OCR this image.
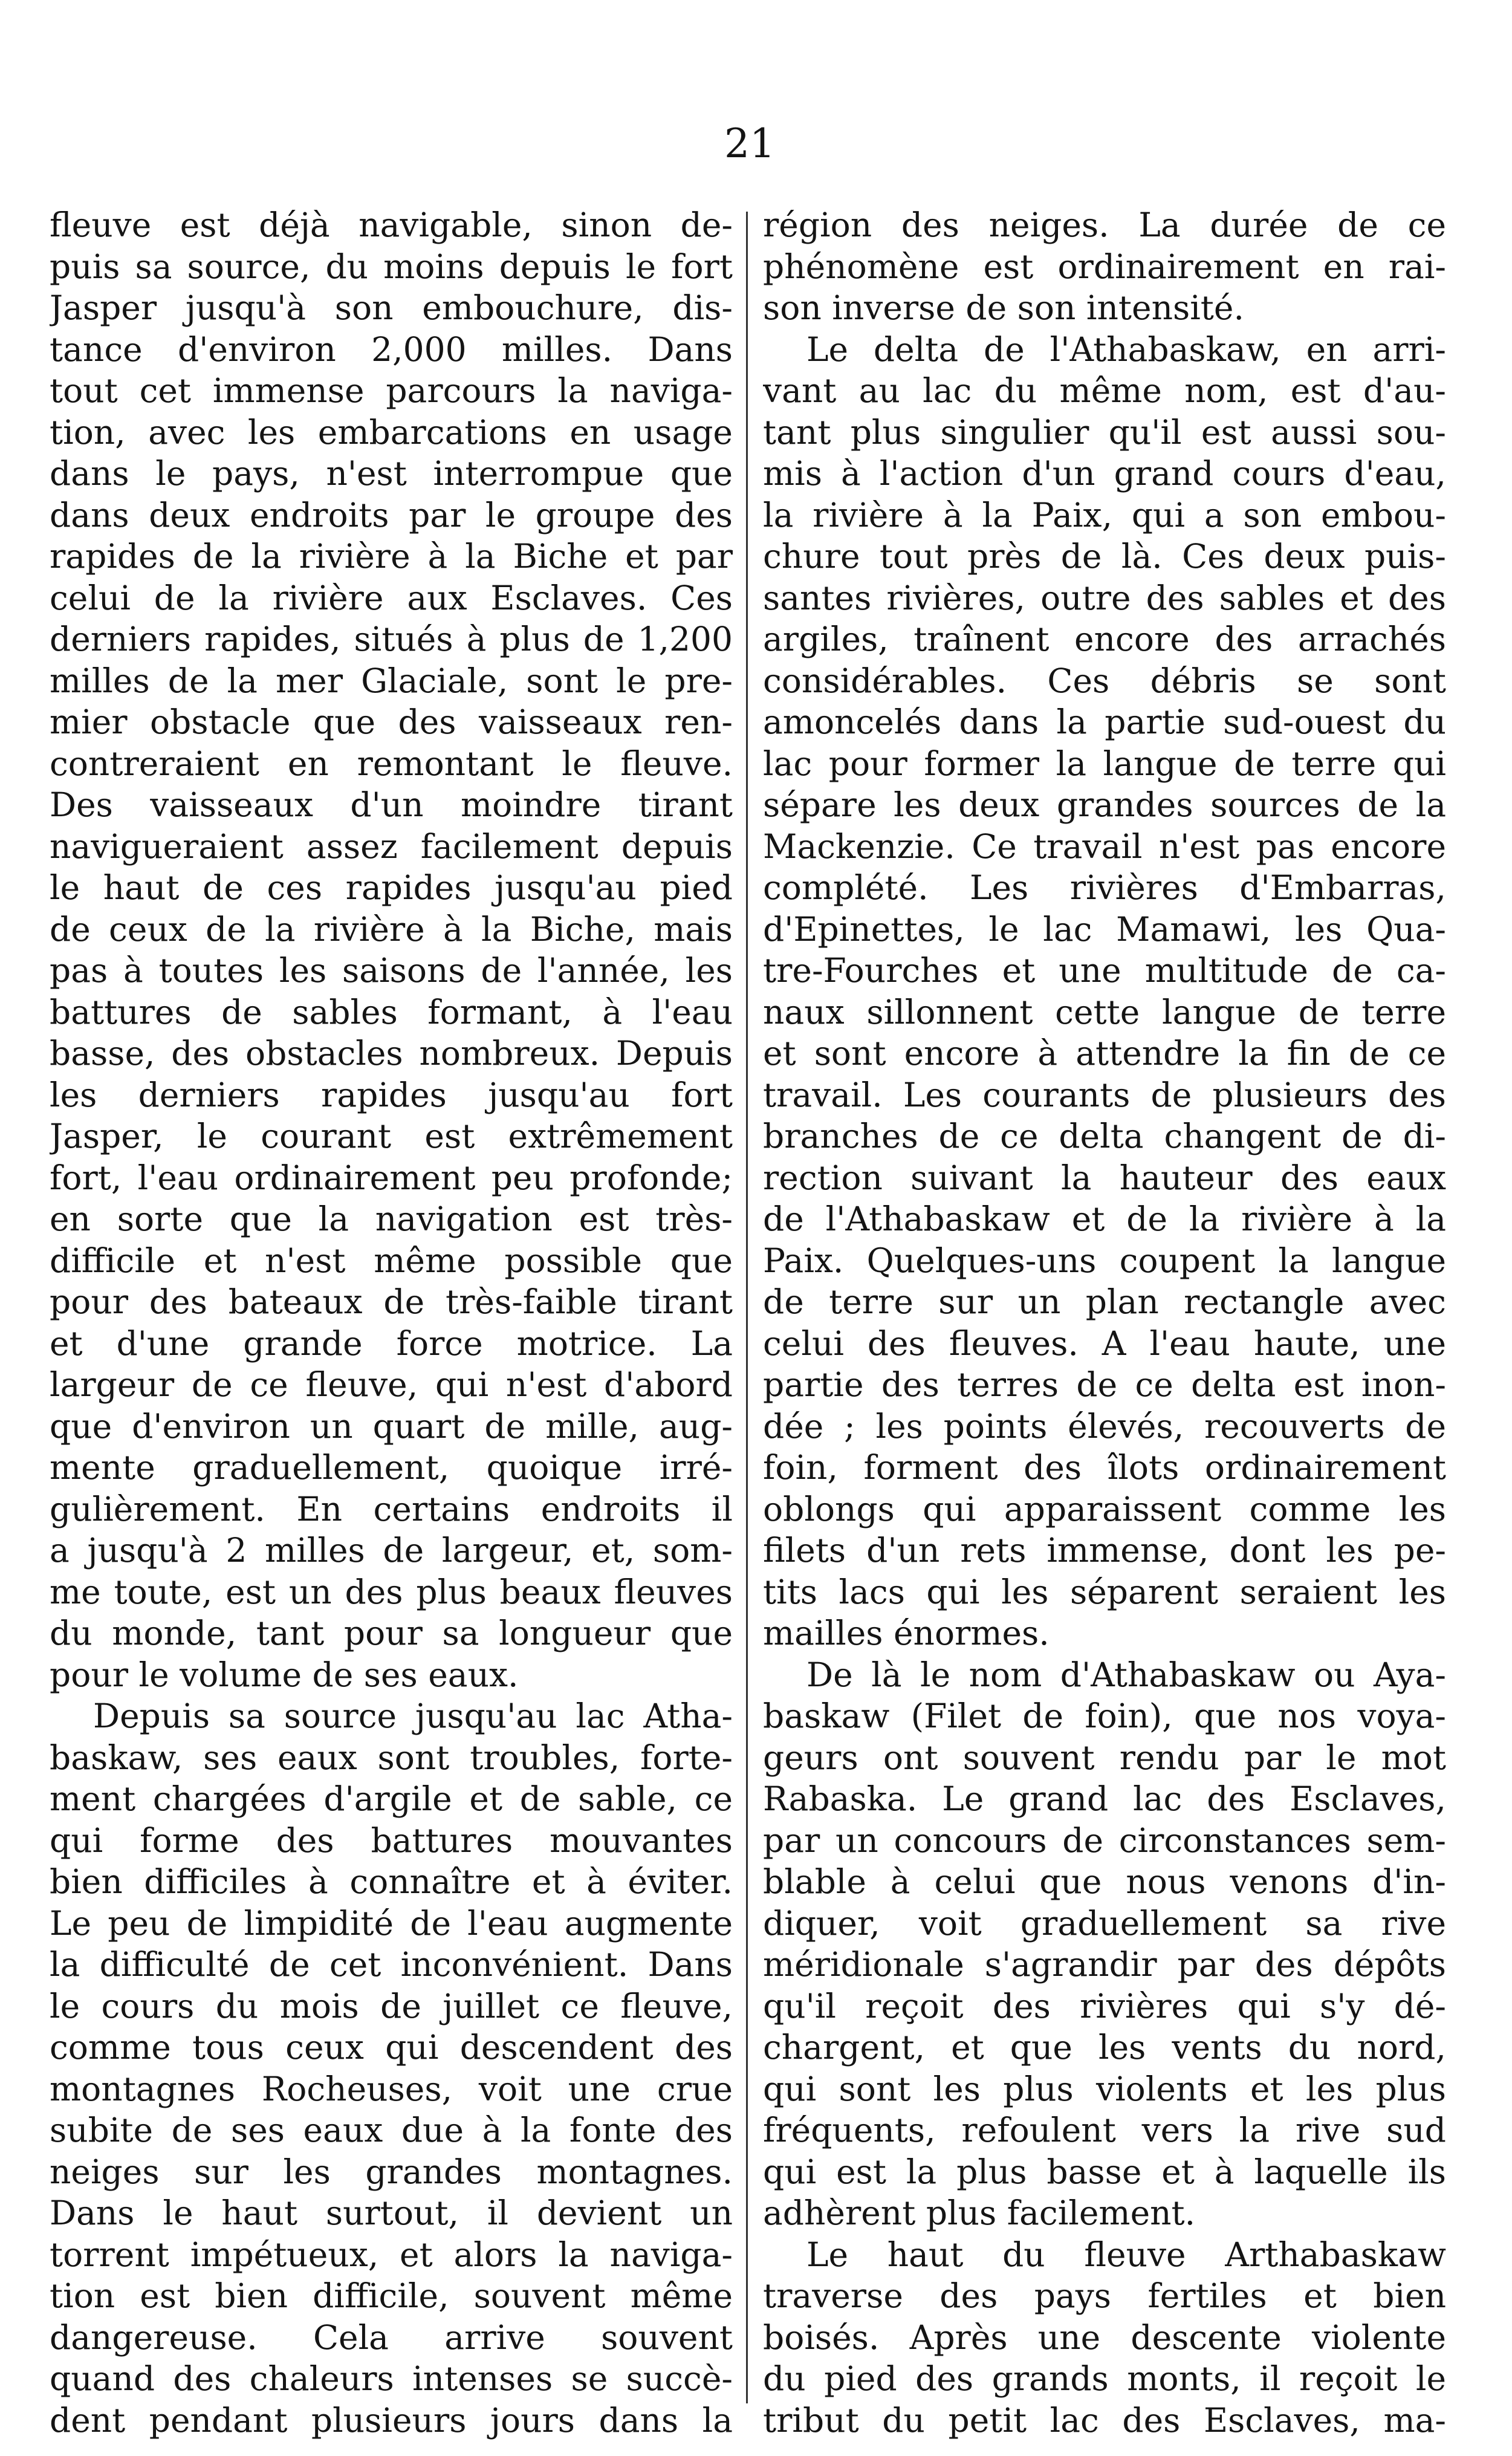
21
fleuve est déjà navigable, sinon de-
puis sa source, du moins depuis le fort
Jasper jusqu'à son embouchure, dis-
tance d'environ 2,000 milles. Dans
tout cet immense parcours la naviga-
tion, avec les embarcations en usage
dans le pays, n'est interrompue que
dans deux endroits par le groupe des
rapides de la rivière à la Biche et par
celui de la rivière aux Esclaves. Ces
derniers rapides, situés à plus de 1,200
milles de la mer Glaciale, sont le pre-
mier obstacle que des vaisseaux ren-
contreraient en remontant le fleuve.
Des vaisseaux d'un moindre tirant
navigueraient assez facilement depuis
le haut de ces rapides jusqu'au pied
de ceux de la rivière à la Biche, mais
pas à toutes les saisons de l'année, les
battures de sables formant, à l'eau
basse, des obstacles nombreux. Depuis
les derniers rapides jusqu'au fort
Jasper, le courant est extrêmement
fort, l'eau ordinairement peu profonde;
en sorte que la navigation est très-
difficile et n'est même possible que
pour des bateaux de très-faible tirant
et d'une grande force motrice. La
largeur de ce fleuve, qui n'est d'abord
que d'environ un quart de mille, aug-
mente graduellement, quoique irré-
gulièrement. En certains endroits il
a jusqu'à 2 milles de largeur, et, som-
me toute, est un des plus beaux fleuves
du monde, tant pour sa longueur que
pour le volume de ses eaux.
Depuis sa source jusqu'au lac Atha-
baskaw, ses eaux sont troubles, forte-
ment chargées d'argile et de sable, ce
qui forme des battures mouvantes
bien difficiles à connaître et à éviter.
Le peu de limpidité de l'eau augmente
la difficulté de cet inconvénient. Dans
le cours du mois de juillet ce fleuve,
comme tous ceux qui descendent des
montagnes Rocheuses, voit une crue
subite de ses eaux due à la fonte des
neiges sur les grandes montagnes.
Dans le haut surtout, il devient un
torrent impétueux, et alors la naviga-
tion est bien difficile, souvent même
dangereuse. Cela arrive souvent
quand des chaleurs intenses se succè-
dent pendant plusieurs jours dans la
région des neiges. La durée de ce
phénomène est ordinairement en rai-
son inverse de son intensité.
Le delta de l'Athabaskaw, en arri-
vant au lac du même nom, est d'au-
tant plus singulier qu'il est aussi sou-
mis à l'action d'un grand cours d'eau,
la rivière à la Paix, qui a son embou-
chure tout près de là. Ces deux puis-
santes rivières, outre des sables et des
argiles, traînent encore des arrachés
considérables. Ces débris se sont
amoncelés dans la partie sud-ouest du
lac pour former la langue de terre qui
sépare les deux grandes sources de la
Mackenzie. Ce travail n'est pas encore
complété. Les rivières d'Embarras,
d'Epinettes, le lac Mamawi, les Qua-
tre-Fourches et une multitude de ca-
naux sillonnent cette langue de terre
et sont encore à attendre la fin de ce
travail. Les courants de plusieurs des
branches de ce delta changent de di-
rection suivant la hauteur des eaux
de l'Athabaskaw et de la rivière à la
Paix. Quelques-uns coupent la langue
de terre sur un plan rectangle avec
celui des fleuves. A l'eau haute, une
partie des terres de ce delta est inon-
dée ; les points élevés, recouverts de
foin, forment des îlots ordinairement
oblongs qui apparaissent comme les
filets d'un rets immense, dont les pe-
tits lacs qui les séparent seraient les
mailles énormes.
De là le nom d'Athabaskaw ou Aya-
baskaw (Filet de foin), que nos voya-
geurs ont souvent rendu par le mot
Rabaska. Le grand lac des Esclaves,
par un concours de circonstances sem-
blable à celui que nous venons d'in-
diquer, voit graduellement sa rive
méridionale s'agrandir par des dépôts
qu'il reçoit des rivières qui s'y dé-
chargent, et que les vents du nord,
qui sont les plus violents et les plus
fréquents, refoulent vers la rive sud
qui est la plus basse et à laquelle ils
adhèrent plus facilement.
Le haut du fleuve Arthabaskaw
traverse des pays fertiles et bien
boisés. Après une descente violente
du pied des grands monts, il reçoit le
tribut du petit lac des Esclaves, ma-
